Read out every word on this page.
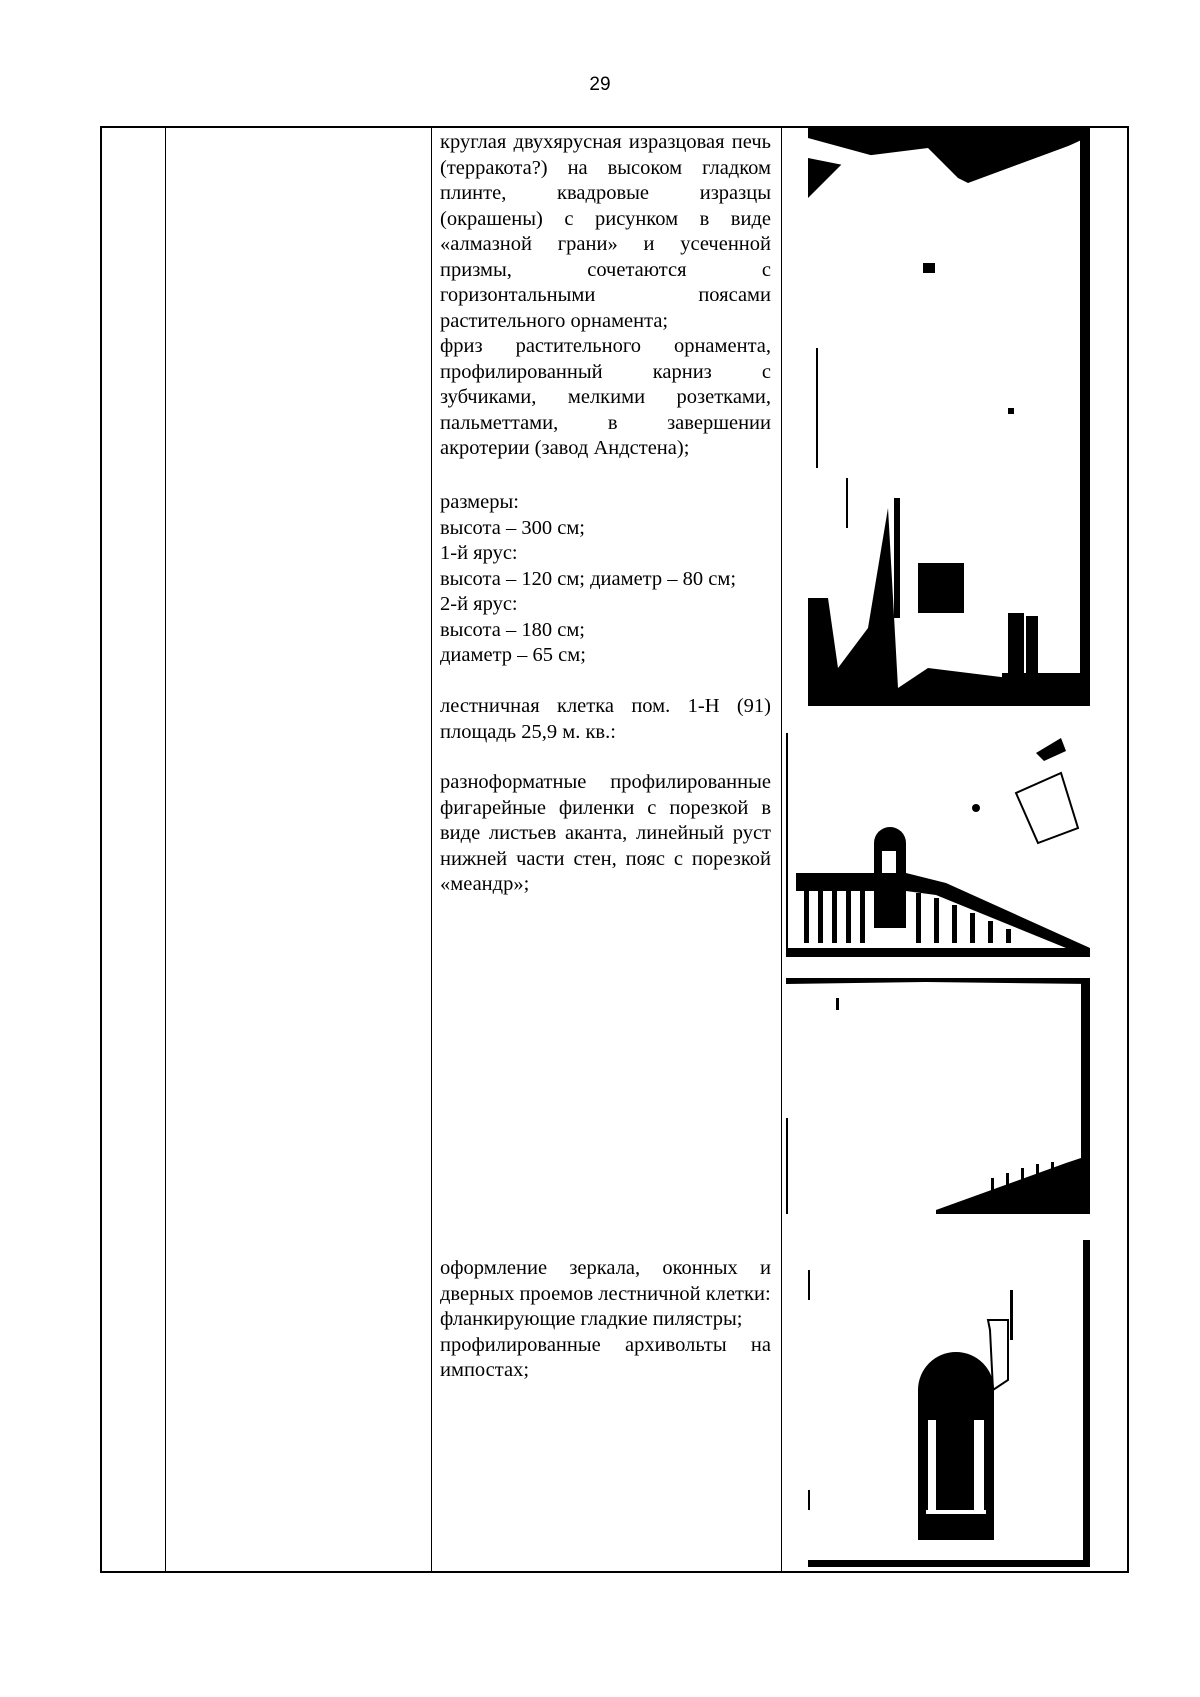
29

круглая двухярусная изразцовая печь (терракота?) на высоком гладком плинте, квадровые изразцы (окрашены) с рисунком в виде «алмазной грани» и усеченной призмы, сочетаются с горизонтальными поясами растительного орнамента;

фриз растительного орнамента, профилированный карниз с зубчиками, мелкими розетками, пальметтами, в завершении акротерии (завод Андстена);

размеры:

высота – 300 см;

1-й ярус:

высота – 120 см; диаметр – 80 см;

2-й ярус:

высота – 180 см;

диаметр – 65 см;

лестничная клетка пом. 1-Н (91) площадь 25,9 м. кв.:

разноформатные профилированные фигарейные филенки с порезкой в виде листьев аканта, линейный руст нижней части стен, пояс с порезкой «меандр»;

оформление зеркала, оконных и дверных проемов лестничной клетки:

фланкирующие гладкие пилястры;

профилированные архивольты на импостах;
